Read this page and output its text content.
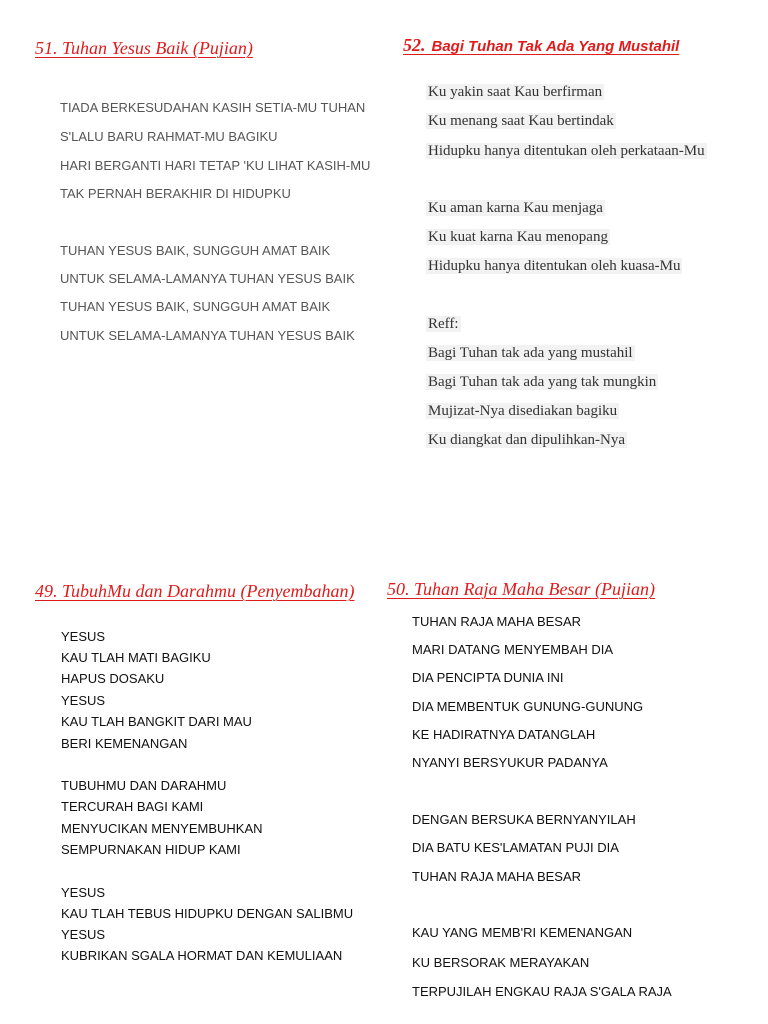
51. Tuhan Yesus Baik (Pujian)

TIADA BERKESUDAHAN KASIH SETIA-MU TUHAN

S'LALU BARU RAHMAT-MU BAGIKU

HARI BERGANTI HARI TETAP 'KU LIHAT KASIH-MU

TAK PERNAH BERAKHIR DI HIDUPKU

TUHAN YESUS BAIK, SUNGGUH AMAT BAIK

UNTUK SELAMA-LAMANYA TUHAN YESUS BAIK

TUHAN YESUS BAIK, SUNGGUH AMAT BAIK

UNTUK SELAMA-LAMANYA TUHAN YESUS BAIK

52. Bagi Tuhan Tak Ada Yang Mustahil

Ku yakin saat Kau berfirman

Ku menang saat Kau bertindak

Hidupku hanya ditentukan oleh perkataan-Mu

Ku aman karna Kau menjaga

Ku kuat karna Kau menopang

Hidupku hanya ditentukan oleh kuasa-Mu

Reff:

Bagi Tuhan tak ada yang mustahil

Bagi Tuhan tak ada yang tak mungkin

Mujizat-Nya disediakan bagiku

Ku diangkat dan dipulihkan-Nya

49. TubuhMu dan Darahmu (Penyembahan)

YESUS

KAU TLAH MATI BAGIKU

HAPUS DOSAKU

YESUS

KAU TLAH BANGKIT DARI MAU

BERI KEMENANGAN

TUBUHMU DAN DARAHMU

TERCURAH BAGI KAMI

MENYUCIKAN MENYEMBUHKAN

SEMPURNAKAN HIDUP KAMI

YESUS

KAU TLAH TEBUS HIDUPKU DENGAN SALIBMU

YESUS

KUBRIKAN SGALA HORMAT DAN KEMULIAAN

50. Tuhan Raja Maha Besar (Pujian)

TUHAN RAJA MAHA BESAR

MARI DATANG MENYEMBAH DIA

DIA PENCIPTA DUNIA INI

DIA MEMBENTUK GUNUNG-GUNUNG

KE HADIRATNYA DATANGLAH

NYANYI BERSYUKUR PADANYA

DENGAN BERSUKA BERNYANYILAH

DIA BATU KES'LAMATAN PUJI DIA

TUHAN RAJA MAHA BESAR

KAU YANG MEMB'RI KEMENANGAN

KU BERSORAK MERAYAKAN

TERPUJILAH ENGKAU RAJA S'GALA RAJA
